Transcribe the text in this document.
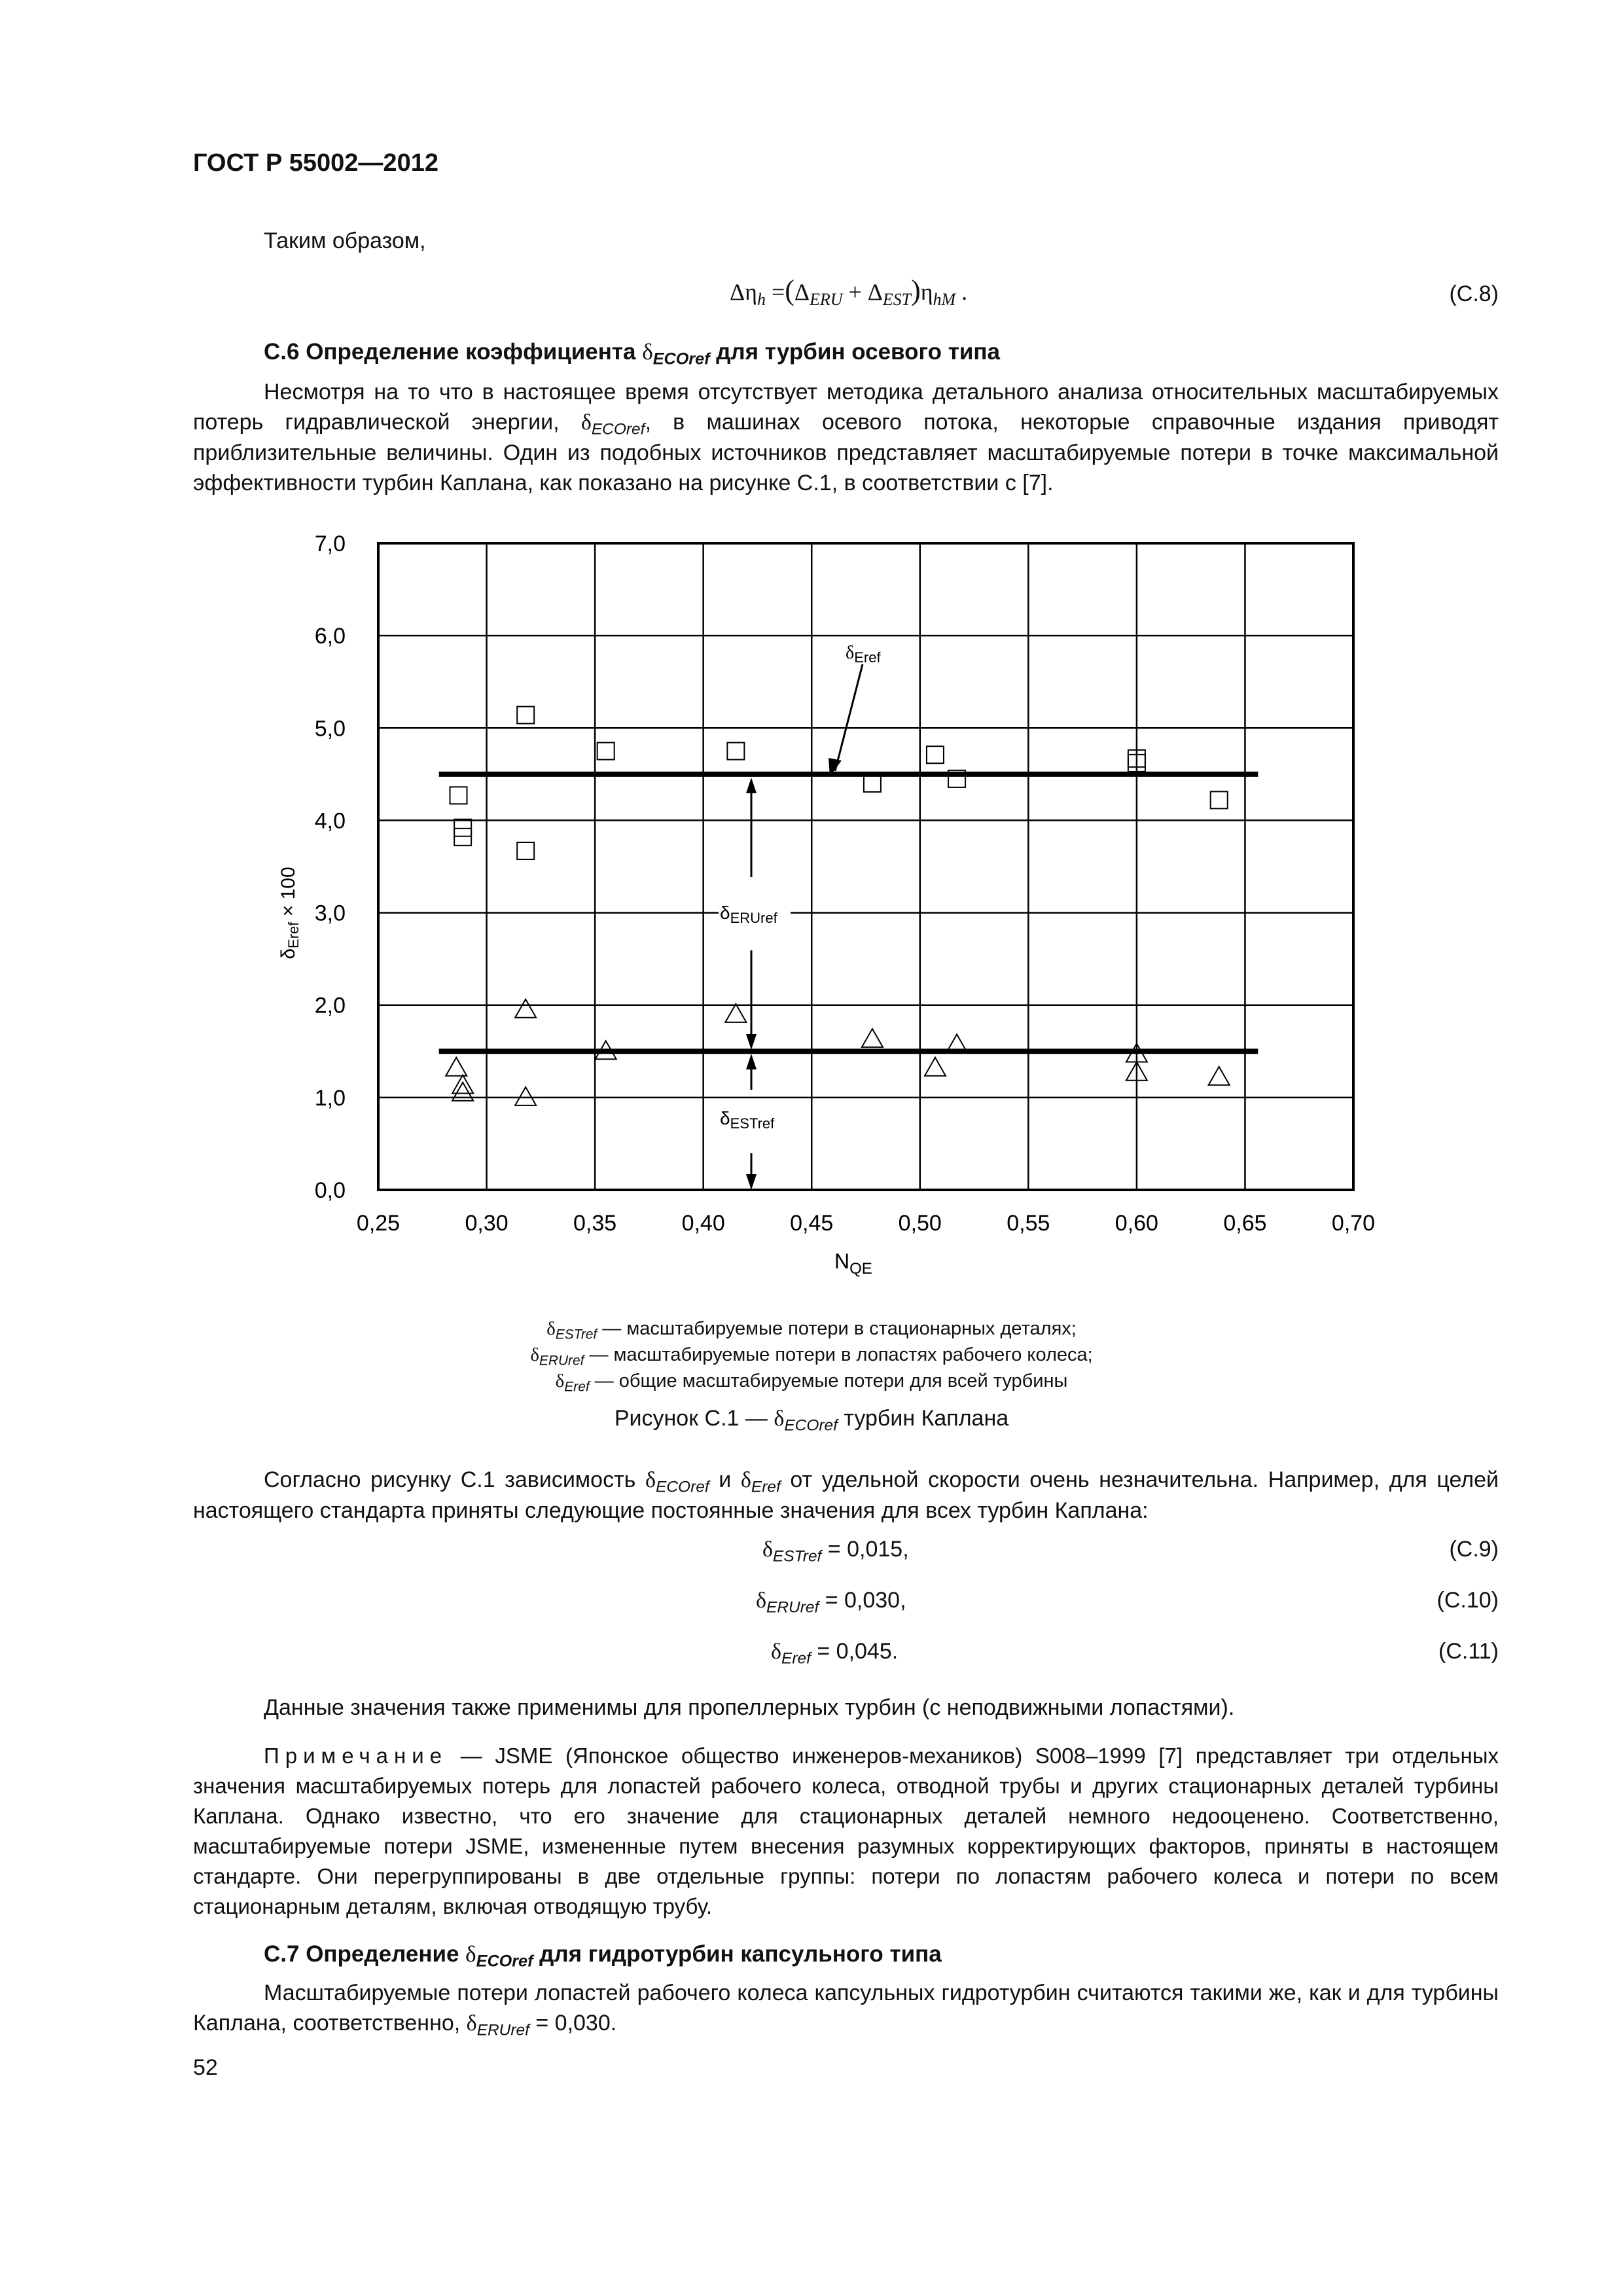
ГОСТ Р 55002—2012
Таким образом,
$\Delta\eta_h =(\Delta_{ERU} + \Delta_{EST})\eta_{hM}$ .	(С.8)
С.6 Определение коэффициента $\delta_{ECOref}$ для турбин осевого типа
Несмотря на то что в настоящее время отсутствует методика детального анализа относительных масштабируемых потерь гидравлической энергии, $\delta_{ECOref}$, в машинах осевого потока, некоторые справочные издания приводят приблизительные величины. Один из подобных источников представляет масштабируемые потери в точке максимальной эффективности турбин Каплана, как показано на рисунке С.1, в соответствии с [7].
0,25	0,30	0,35	0,40	0,45	0,50	0,55	0,60	0,65	0,70
0,0
1,0
2,0
3,0
4,0
5,0
6,0
7,0
$\delta_{Eref}$
$\delta_{ERUref}$
$\delta_{ESTref}$
$\delta_{Eref} \times 100$
$N_{QE}$
$\delta_{ESTref}$ — масштабируемые потери в стационарных деталях;
$\delta_{ERUref}$ — масштабируемые потери в лопастях рабочего колеса;
$\delta_{Eref}$ — общие масштабируемые потери для всей турбины
Рисунок С.1 — $\delta_{ECOref}$ турбин Каплана
Согласно рисунку С.1 зависимость $\delta_{ECOref}$ и $\delta_{Eref}$ от удельной скорости очень незначительна. Например, для целей настоящего стандарта приняты следующие постоянные значения для всех турбин Каплана:
$\delta_{ESTref} = 0,015$,	(С.9)
$\delta_{ERUref} = 0,030$,	(С.10)
$\delta_{Eref} = 0,045$.	(С.11)
Данные значения также применимы для пропеллерных турбин (с неподвижными лопастями).
Примечание — JSME (Японское общество инженеров-механиков) S008–1999 [7] представляет три отдельных значения масштабируемых потерь для лопастей рабочего колеса, отводной трубы и других стационарных деталей турбины Каплана. Однако известно, что его значение для стационарных деталей немного недооценено. Соответственно, масштабируемые потери JSME, измененные путем внесения разумных корректирующих факторов, приняты в настоящем стандарте. Они перегруппированы в две отдельные группы: потери по лопастям рабочего колеса и потери по всем стационарным деталям, включая отводящую трубу.
С.7 Определение $\delta_{ECOref}$ для гидротурбин капсульного типа
Масштабируемые потери лопастей рабочего колеса капсульных гидротурбин считаются такими же, как и для турбины Каплана, соответственно, $\delta_{ERUref} = 0,030$.
52
